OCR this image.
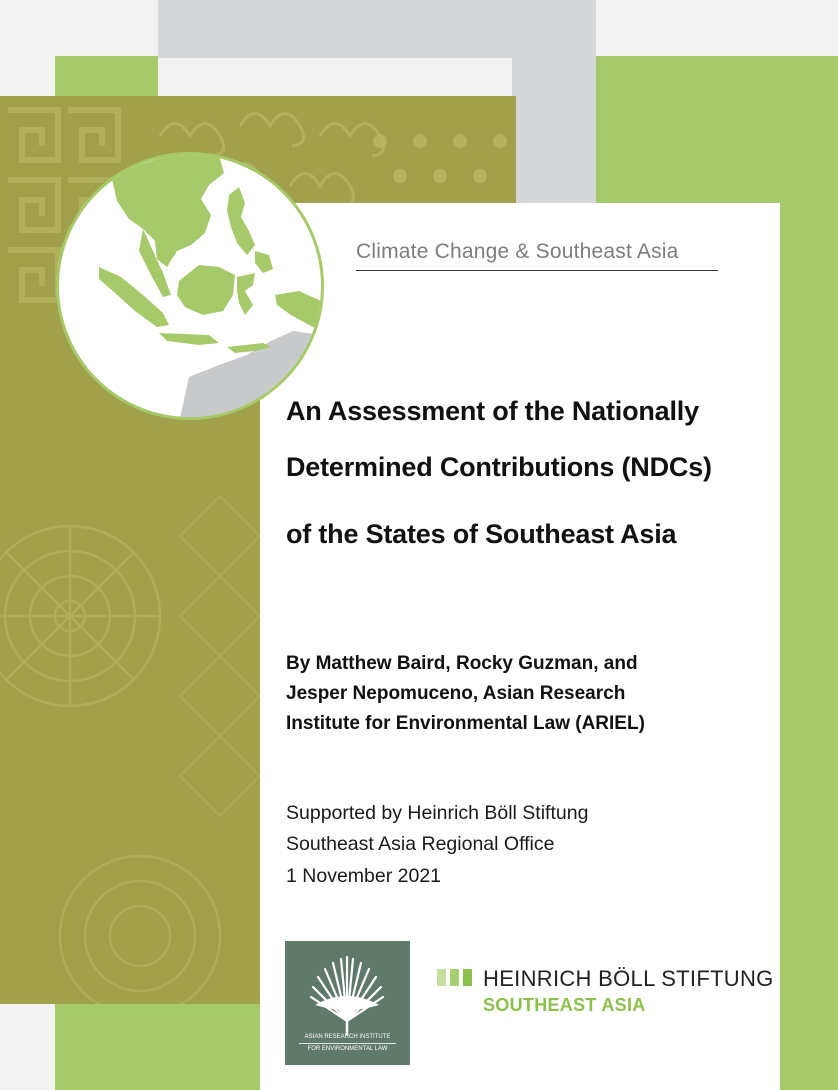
Climate Change & Southeast Asia
An Assessment of the Nationally
Determined Contributions (NDCs)
of the States of Southeast Asia
By Matthew Baird, Rocky Guzman, and
Jesper Nepomuceno, Asian Research
Institute for Environmental Law (ARIEL)
Supported by Heinrich Böll Stiftung
Southeast Asia Regional Office
1 November 2021
ASIAN RESEARCH INSTITUTE
FOR ENVIRONMENTAL LAW
HEINRICH BÖLL STIFTUNG
SOUTHEAST ASIA
